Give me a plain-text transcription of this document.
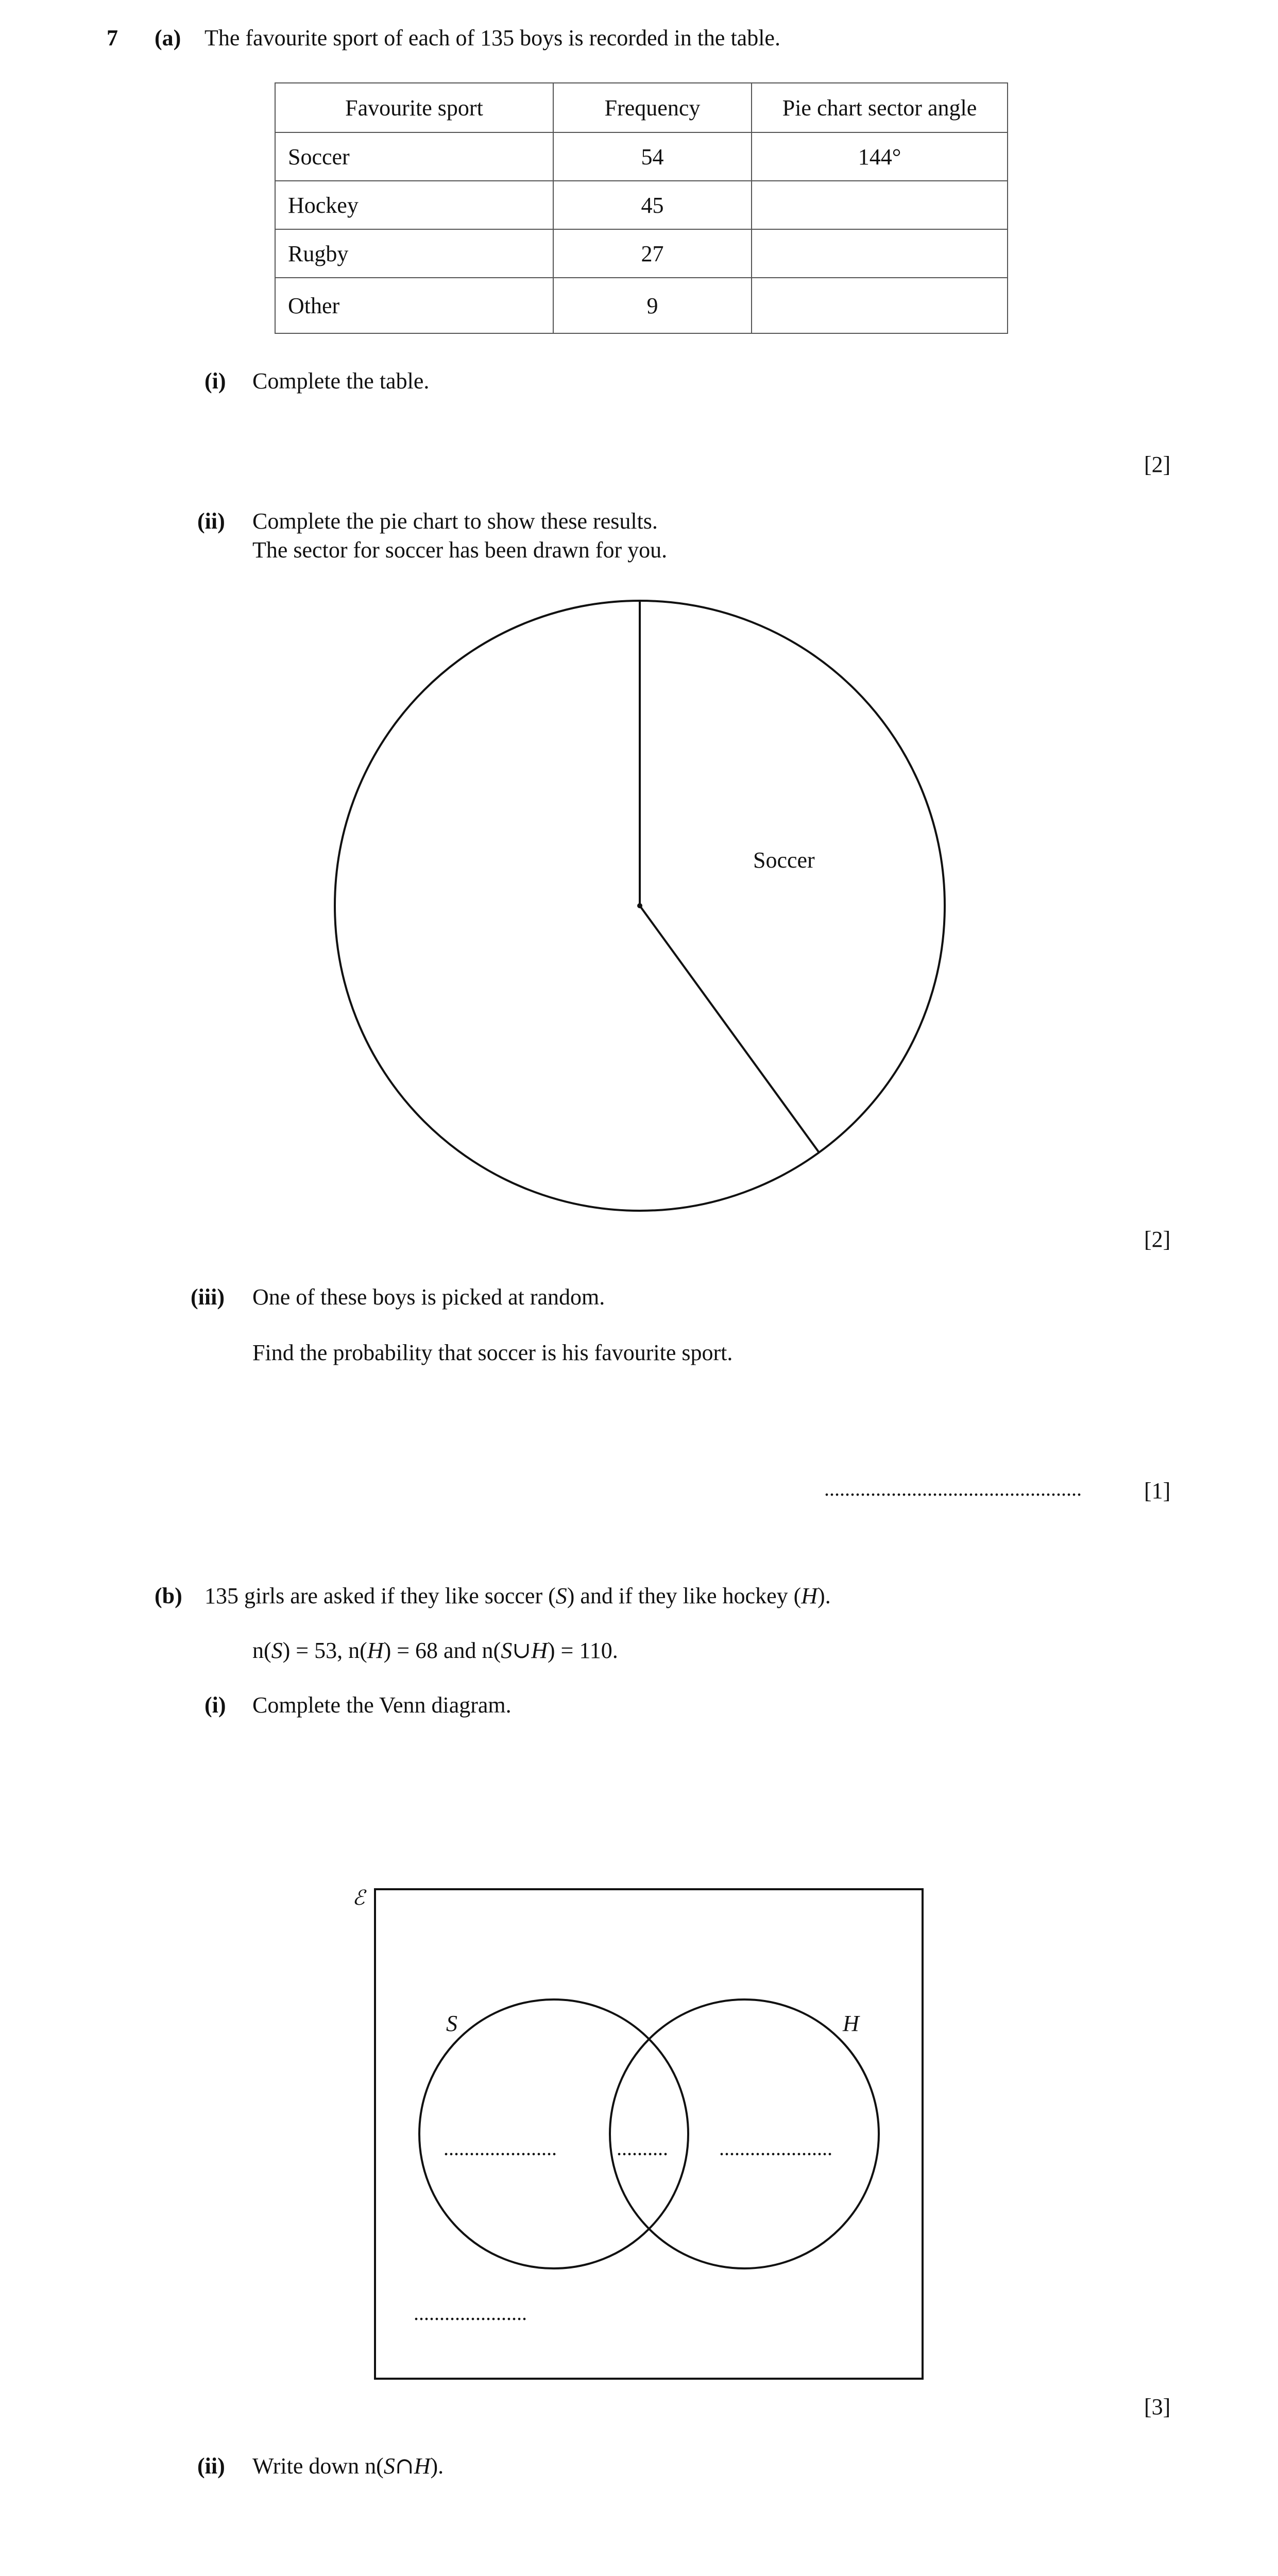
7 (a) The favourite sport of each of 135 boys is recorded in the table.
Favourite sport	Frequency	Pie chart sector angle
Soccer	54	144°
Hockey	45	
Rugby	27	
Other	9	
(i) Complete the table.
[2]
(ii) Complete the pie chart to show these results.
The sector for soccer has been drawn for you.
Soccer
[2]
(iii) One of these boys is picked at random.
Find the probability that soccer is his favourite sport.
..................................................	[1]
(b) 135 girls are asked if they like soccer (S) and if they like hockey (H).
n(S) = 53, n(H) = 68 and n(S∪H) = 110.
(i) Complete the Venn diagram.
ℰ
S	H
......................	.......... ......................
......................
[3]
(ii) Write down n(S∩H).
